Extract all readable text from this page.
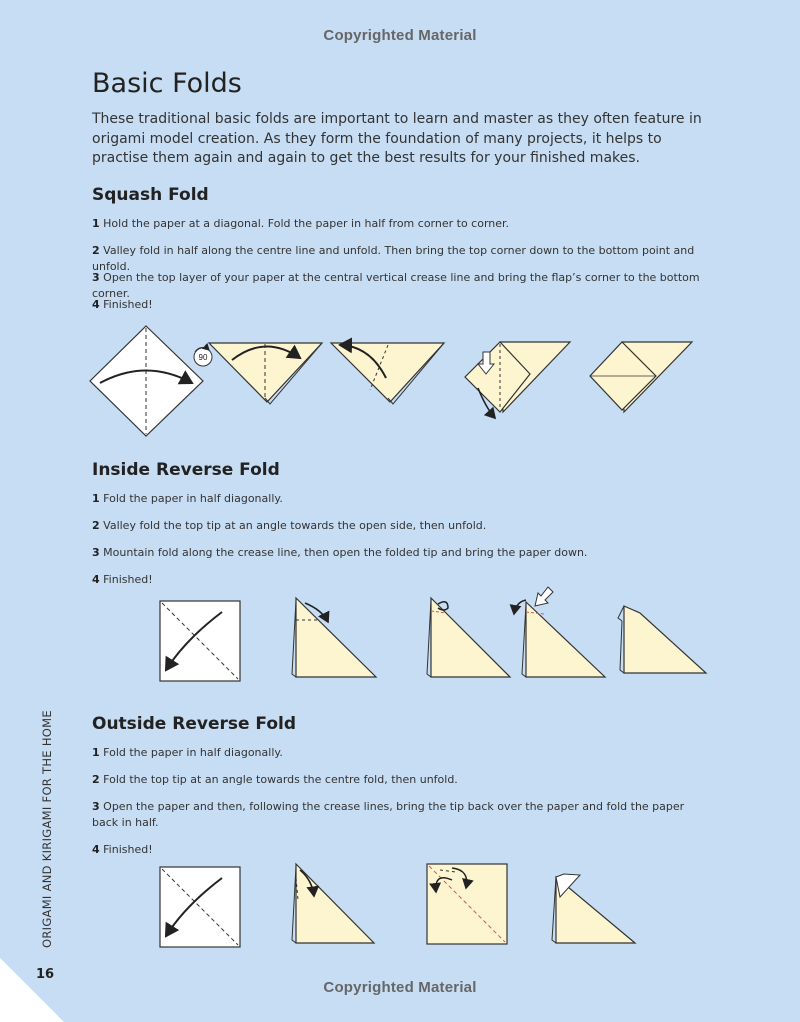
Copyrighted Material
Basic Folds

These traditional basic folds are important to learn and master as they often feature in origami model creation. As they form the foundation of many projects, it helps to practise them again and again to get the best results for your finished makes.

Squash Fold

1 Hold the paper at a diagonal. Fold the paper in half from corner to corner.

2 Valley fold in half along the centre line and unfold. Then bring the top corner down to the bottom point and unfold.

3 Open the top layer of your paper at the central vertical crease line and bring the flap’s corner to the bottom corner.

4 Finished!

90
Inside Reverse Fold

1 Fold the paper in half diagonally.

2 Valley fold the top tip at an angle towards the open side, then unfold.

3 Mountain fold along the crease line, then open the folded tip and bring the paper down.

4 Finished!

Outside Reverse Fold

1 Fold the paper in half diagonally.

2 Fold the top tip at an angle towards the centre fold, then unfold.

3 Open the paper and then, following the crease lines, bring the tip back over the paper and fold the paper back in half.

4 Finished!

ORIGAMI AND KIRIGAMI FOR THE HOME
16
Copyrighted Material
